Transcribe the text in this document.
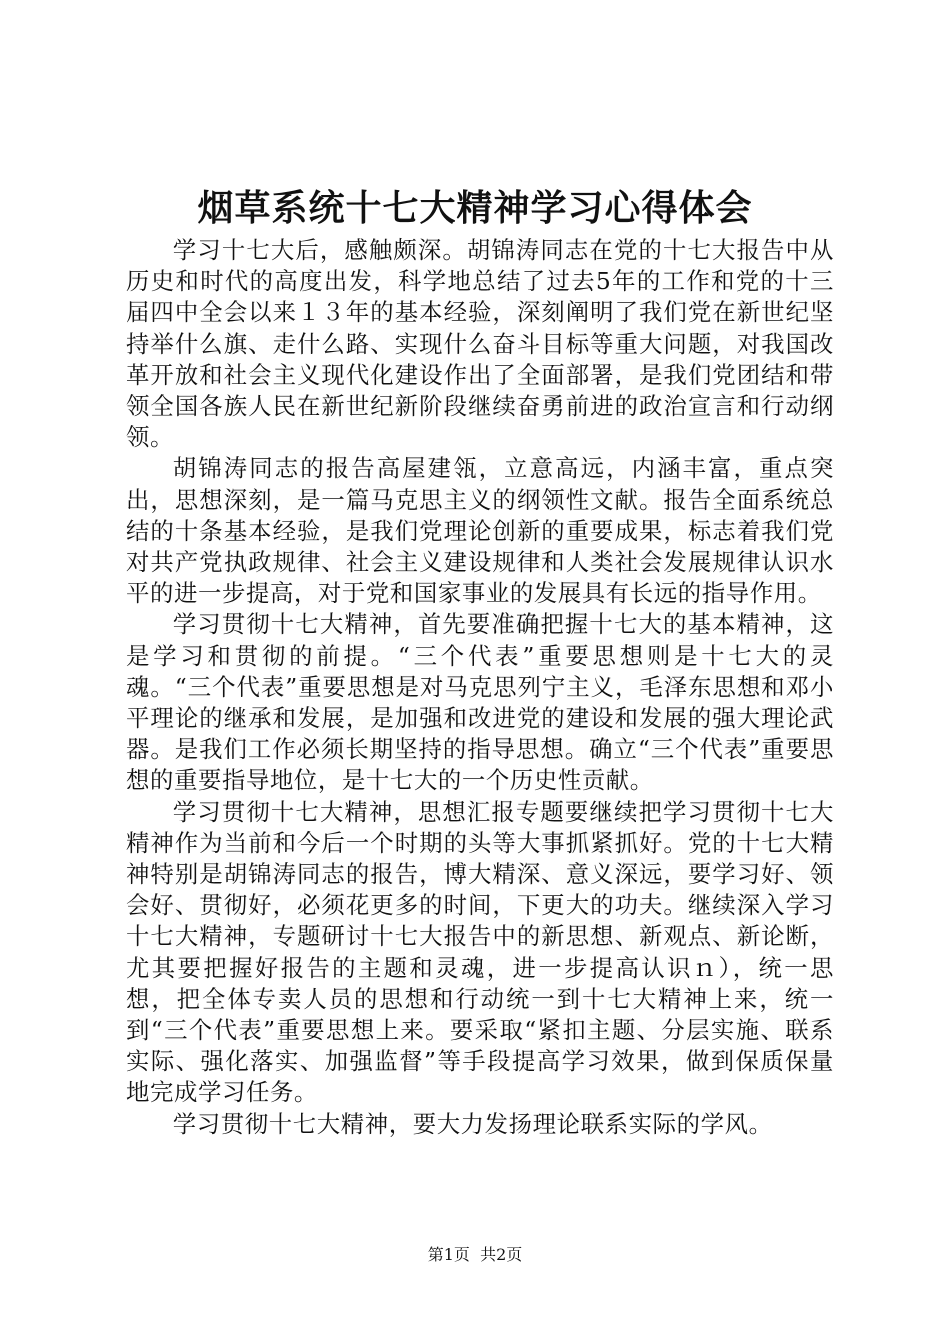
烟草系统十七大精神学习心得体会

学习十七大后，感触颇深。胡锦涛同志在党的十七大报告中从历史和时代的高度出发，科学地总结了过去5年的工作和党的十三届四中全会以来１３年的基本经验，深刻阐明了我们党在新世纪坚持举什么旗、走什么路、实现什么奋斗目标等重大问题，对我国改革开放和社会主义现代化建设作出了全面部署，是我们党团结和带领全国各族人民在新世纪新阶段继续奋勇前进的政治宣言和行动纲领。

胡锦涛同志的报告高屋建瓴，立意高远，内涵丰富，重点突出，思想深刻，是一篇马克思主义的纲领性文献。报告全面系统总结的十条基本经验，是我们党理论创新的重要成果，标志着我们党对共产党执政规律、社会主义建设规律和人类社会发展规律认识水平的进一步提高，对于党和国家事业的发展具有长远的指导作用。

学习贯彻十七大精神，首先要准确把握十七大的基本精神，这是学习和贯彻的前提。“三个代表”重要思想则是十七大的灵魂。“三个代表”重要思想是对马克思列宁主义，毛泽东思想和邓小平理论的继承和发展，是加强和改进党的建设和发展的强大理论武器。是我们工作必须长期坚持的指导思想。确立“三个代表”重要思想的重要指导地位，是十七大的一个历史性贡献。

学习贯彻十七大精神，思想汇报专题要继续把学习贯彻十七大精神作为当前和今后一个时期的头等大事抓紧抓好。党的十七大精神特别是胡锦涛同志的报告，博大精深、意义深远，要学习好、领会好、贯彻好，必须花更多的时间，下更大的功夫。继续深入学习十七大精神，专题研讨十七大报告中的新思想、新观点、新论断，尤其要把握好报告的主题和灵魂，进一步提高认识ｎ），统一思想，把全体专卖人员的思想和行动统一到十七大精神上来，统一到“三个代表”重要思想上来。要采取“紧扣主题、分层实施、联系实际、强化落实、加强监督”等手段提高学习效果，做到保质保量地完成学习任务。

学习贯彻十七大精神，要大力发扬理论联系实际的学风。

第1页 共2页
